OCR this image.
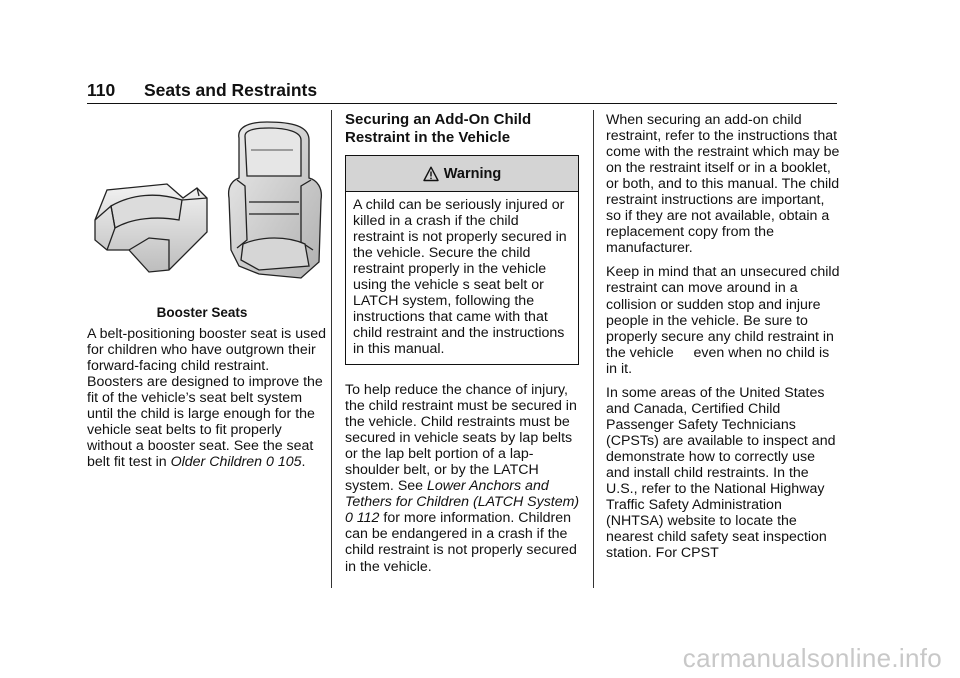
110 Seats and Restraints
Booster Seats

A belt-positioning booster seat is used for children who have outgrown their forward-facing child restraint. Boosters are designed to improve the fit of the vehicle’s seat belt system until the child is large enough for the vehicle seat belts to fit properly without a booster seat. See the seat belt fit test in Older Children 0 105.

Securing an Add-On Child Restraint in the Vehicle
Warning
A child can be seriously injured or killed in a crash if the child restraint is not properly secured in the vehicle. Secure the child restraint properly in the vehicle using the vehicle s seat belt or LATCH system, following the instructions that came with that child restraint and the instructions in this manual.

To help reduce the chance of injury, the child restraint must be secured in the vehicle. Child restraints must be secured in vehicle seats by lap belts or the lap belt portion of a lap-shoulder belt, or by the LATCH system. See Lower Anchors and Tethers for Children (LATCH System) 0 112 for more information. Children can be endangered in a crash if the child restraint is not properly secured in the vehicle.

When securing an add-on child restraint, refer to the instructions that come with the restraint which may be on the restraint itself or in a booklet, or both, and to this manual. The child restraint instructions are important, so if they are not available, obtain a replacement copy from the manufacturer.

Keep in mind that an unsecured child restraint can move around in a collision or sudden stop and injure people in the vehicle. Be sure to properly secure any child restraint in the vehicle     even when no child is in it.

In some areas of the United States and Canada, Certified Child Passenger Safety Technicians (CPSTs) are available to inspect and demonstrate how to correctly use and install child restraints. In the U.S., refer to the National Highway Traffic Safety Administration (NHTSA) website to locate the nearest child safety seat inspection station. For CPST

carmanualsonline.info
